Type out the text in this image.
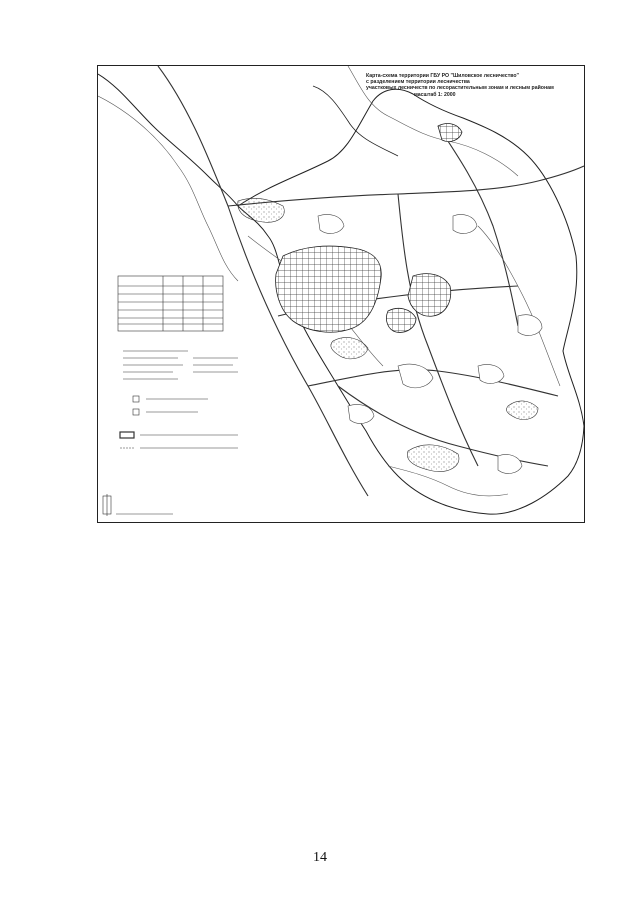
Карта-схема территории ГБУ РО "Шиловское лесничество"
с разделением территории лесничества
участковых лесничеств по лесорастительным зонам и лесным районам
масштаб 1: 2000
14
